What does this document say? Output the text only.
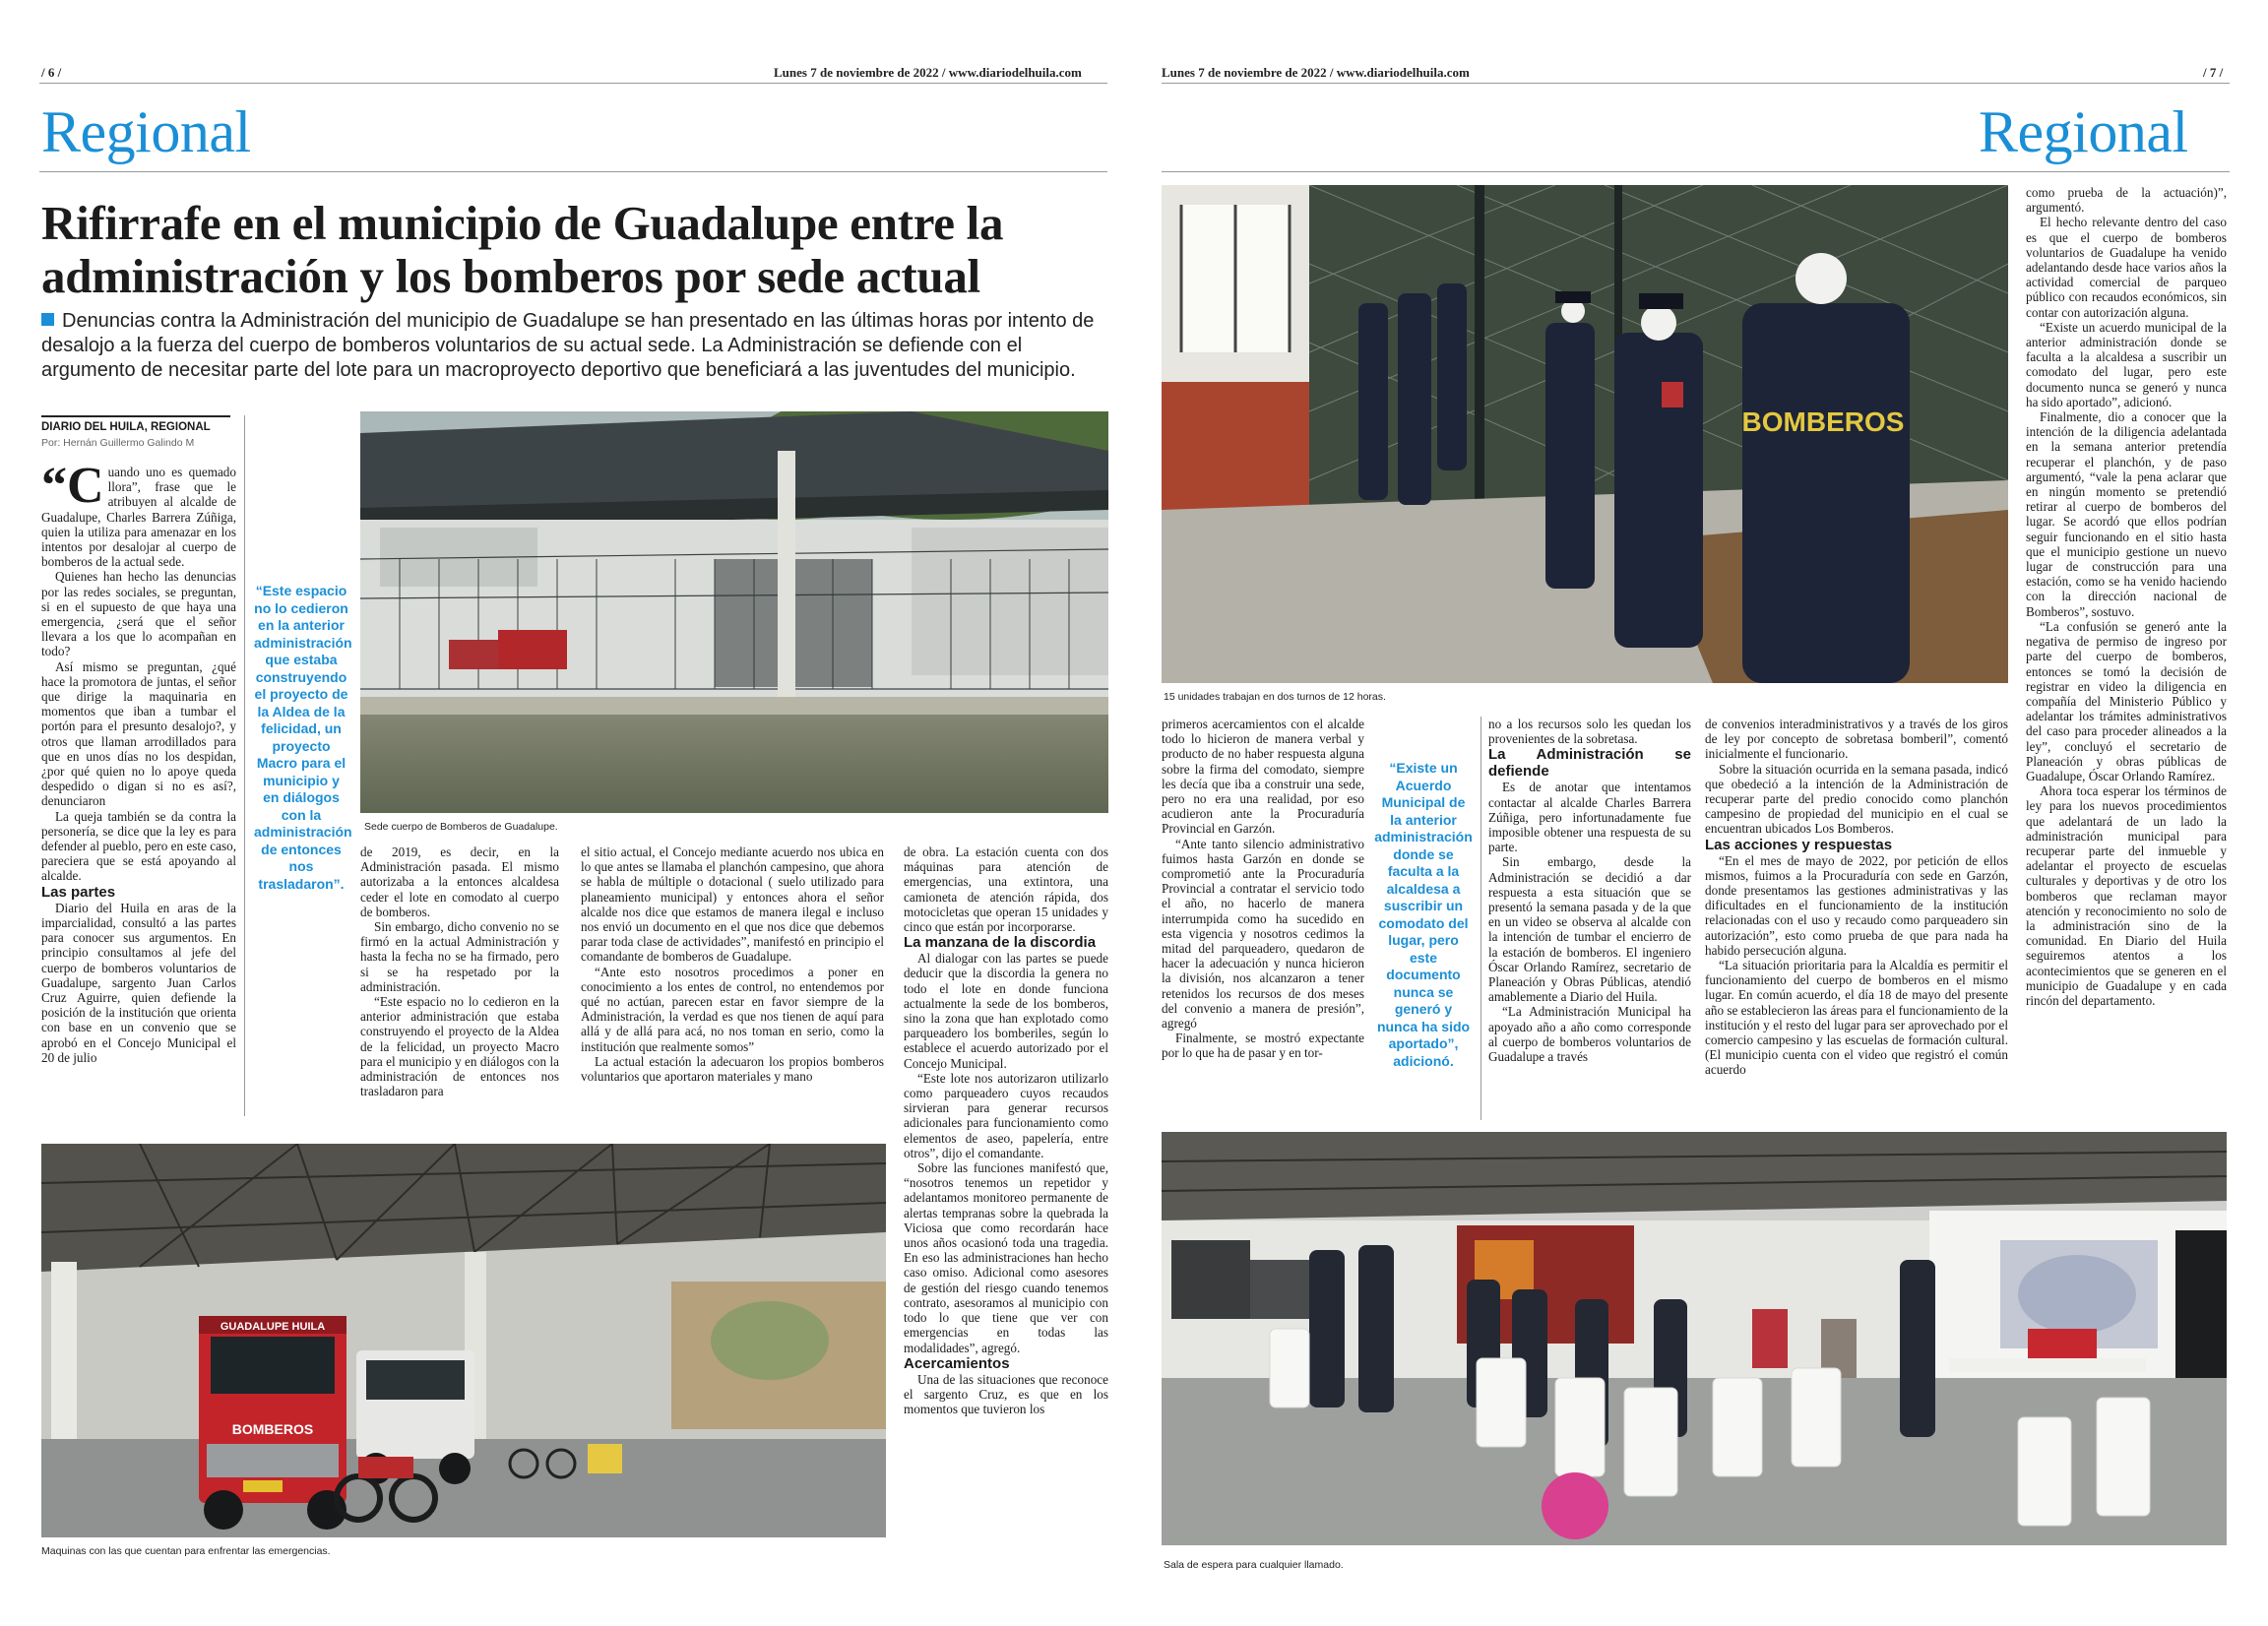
/ 6 /	Lunes 7 de noviembre de 2022 / www.diariodelhuila.com
Regional
Lunes 7 de noviembre de 2022 / www.diariodelhuila.com	/ 7 /
Regional
Rifirrafe en el municipio de Guadalupe entre la
administración y los bomberos por sede actual
Denuncias contra la Administración del municipio de Guadalupe se han presentado en las últimas horas por intento de desalojo a la fuerza del cuerpo de bomberos voluntarios de su actual sede. La Administración se defiende con el argumento de necesitar parte del lote para un macroproyecto deportivo que beneficiará a las juventudes del municipio.
DIARIO DEL HUILA, REGIONAL
Por: Hernán Guillermo Galindo M

“Cuando uno es quemado llora”, frase que le atribuyen al alcalde de Guadalupe, Charles Barrera Zúñiga, quien la utiliza para amenazar en los intentos por desalojar al cuerpo de bomberos de la actual sede.

Quienes han hecho las denuncias por las redes sociales, se preguntan, si en el supuesto de que haya una emergencia, ¿será que el señor llevara a los que lo acompañan en todo?

Así mismo se preguntan, ¿qué hace la promotora de juntas, el señor que dirige la maquinaria en momentos que iban a tumbar el portón para el presunto desalojo?, y otros que llaman arrodillados para que en unos días no los despidan, ¿por qué quien no lo apoye queda despedido o digan si no es así?, denunciaron

La queja también se da contra la personería, se dice que la ley es para defender al pueblo, pero en este caso, pareciera que se está apoyando al alcalde.

Las partes

Diario del Huila en aras de la imparcialidad, consultó a las partes para conocer sus argumentos. En principio consultamos al jefe del cuerpo de bomberos voluntarios de Guadalupe, sargento Juan Carlos Cruz Aguirre, quien defiende la posición de la institución que orienta con base en un convenio que se aprobó en el Concejo Municipal el 20 de julio

“Este espacio no lo cedieron en la anterior administración que estaba construyendo el proyecto de la Aldea de la felicidad, un proyecto Macro para el municipio y en diálogos con la administración de entonces nos trasladaron”.
Sede cuerpo de Bomberos de Guadalupe.

de 2019, es decir, en la Administración pasada. El mismo autorizaba a la entonces alcaldesa ceder el lote en comodato al cuerpo de bomberos.

Sin embargo, dicho convenio no se firmó en la actual Administración y hasta la fecha no se ha firmado, pero si se ha respetado por la administración.

“Este espacio no lo cedieron en la anterior administración que estaba construyendo el proyecto de la Aldea de la felicidad, un proyecto Macro para el municipio y en diálogos con la administración de entonces nos trasladaron para

el sitio actual, el Concejo mediante acuerdo nos ubica en lo que antes se llamaba el planchón campesino, que ahora se habla de múltiple o dotacional ( suelo utilizado para planeamiento municipal) y entonces ahora el señor alcalde nos dice que estamos de manera ilegal e incluso nos envió un documento en el que nos dice que debemos parar toda clase de actividades”, manifestó en principio el comandante de bomberos de Guadalupe.

“Ante esto nosotros procedimos a poner en conocimiento a los entes de control, no entendemos por qué no actúan, parecen estar en favor siempre de la Administración, la verdad es que nos tienen de aquí para allá y de allá para acá, no nos toman en serio, como la institución que realmente somos”

La actual estación la adecuaron los propios bomberos voluntarios que aportaron materiales y mano

de obra. La estación cuenta con dos máquinas para atención de emergencias, una extintora, una camioneta de atención rápida, dos motocicletas que operan 15 unidades y cinco que están por incorporarse.

La manzana de la discordia

Al dialogar con las partes se puede deducir que la discordia la genera no todo el lote en donde funciona actualmente la sede de los bomberos, sino la zona que han explotado como parqueadero los bomberiles, según lo establece el acuerdo autorizado por el Concejo Municipal.

“Este lote nos autorizaron utilizarlo como parqueadero cuyos recaudos sirvieran para generar recursos adicionales para funcionamiento como elementos de aseo, papelería, entre otros”, dijo el comandante.

Sobre las funciones manifestó que, “nosotros tenemos un repetidor y adelantamos monitoreo permanente de alertas tempranas sobre la quebrada la Viciosa que como recordarán hace unos años ocasionó toda una tragedia. En eso las administraciones han hecho caso omiso. Adicional como asesores de gestión del riesgo cuando tenemos contrato, asesoramos al municipio con todo lo que tiene que ver con emergencias en todas las modalidades”, agregó.

Acercamientos

Una de las situaciones que reconoce el sargento Cruz, es que en los momentos que tuvieron los

GUADALUPE HUILA
BOMBEROS
Maquinas con las que cuentan para enfrentar las emergencias.
BOMBEROS
15 unidades trabajan en dos turnos de 12 horas.

como prueba de la actuación)”, argumentó.

El hecho relevante dentro del caso es que el cuerpo de bomberos voluntarios de Guadalupe ha venido adelantando desde hace varios años la actividad comercial de parqueo público con recaudos económicos, sin contar con autorización alguna.

“Existe un acuerdo municipal de la anterior administración donde se faculta a la alcaldesa a suscribir un comodato del lugar, pero este documento nunca se generó y nunca ha sido aportado”, adicionó.

Finalmente, dio a conocer que la intención de la diligencia adelantada en la semana anterior pretendía recuperar el planchón, y de paso argumentó, “vale la pena aclarar que en ningún momento se pretendió retirar al cuerpo de bomberos del lugar. Se acordó que ellos podrían seguir funcionando en el sitio hasta que el municipio gestione un nuevo lugar de construcción para una estación, como se ha venido haciendo con la dirección nacional de Bomberos”, sostuvo.

“La confusión se generó ante la negativa de permiso de ingreso por parte del cuerpo de bomberos, entonces se tomó la decisión de registrar en video la diligencia en compañía del Ministerio Público y adelantar los trámites administrativos del caso para proceder alineados a la ley”, concluyó el secretario de Planeación y obras públicas de Guadalupe, Óscar Orlando Ramírez.

Ahora toca esperar los términos de ley para los nuevos procedimientos que adelantará de un lado la administración municipal para recuperar parte del inmueble y adelantar el proyecto de escuelas culturales y deportivas y de otro los bomberos que reclaman mayor atención y reconocimiento no solo de la administración sino de la comunidad. En Diario del Huila seguiremos atentos a los acontecimientos que se generen en el municipio de Guadalupe y en cada rincón del departamento.

primeros acercamientos con el alcalde todo lo hicieron de manera verbal y producto de no haber respuesta alguna sobre la firma del comodato, siempre les decía que iba a construir una sede, pero no era una realidad, por eso acudieron ante la Procuraduría Provincial en Garzón.

“Ante tanto silencio administrativo fuimos hasta Garzón en donde se comprometió ante la Procuraduría Provincial a contratar el servicio todo el año, no hacerlo de manera interrumpida como ha sucedido en esta vigencia y nosotros cedimos la mitad del parqueadero, quedaron de hacer la adecuación y nunca hicieron la división, nos alcanzaron a tener retenidos los recursos de dos meses del convenio a manera de presión”, agregó

Finalmente, se mostró expectante por lo que ha de pasar y en tor-

“Existe un Acuerdo Municipal de la anterior administración donde se faculta a la alcaldesa a suscribir un comodato del lugar, pero este documento nunca se generó y nunca ha sido aportado”, adicionó.

no a los recursos solo les quedan los provenientes de la sobretasa.

La Administración se defiende

Es de anotar que intentamos contactar al alcalde Charles Barrera Zúñiga, pero infortunadamente fue imposible obtener una respuesta de su parte.

Sin embargo, desde la Administración se decidió a dar respuesta a esta situación que se presentó la semana pasada y de la que en un video se observa al alcalde con la intención de tumbar el encierro de la estación de bomberos. El ingeniero Óscar Orlando Ramírez, secretario de Planeación y Obras Públicas, atendió amablemente a Diario del Huila.

“La Administración Municipal ha apoyado año a año como corresponde al cuerpo de bomberos voluntarios de Guadalupe a través

de convenios interadministrativos y a través de los giros de ley por concepto de sobretasa bomberil”, comentó inicialmente el funcionario.

Sobre la situación ocurrida en la semana pasada, indicó que obedeció a la intención de la Administración de recuperar parte del predio conocido como planchón campesino de propiedad del municipio en el cual se encuentran ubicados Los Bomberos.

Las acciones y respuestas

“En el mes de mayo de 2022, por petición de ellos mismos, fuimos a la Procuraduría con sede en Garzón, donde presentamos las gestiones administrativas y las dificultades en el funcionamiento de la institución relacionadas con el uso y recaudo como parqueadero sin autorización”, esto como prueba de que para nada ha habido persecución alguna.

“La situación prioritaria para la Alcaldía es permitir el funcionamiento del cuerpo de bomberos en el mismo lugar. En común acuerdo, el día 18 de mayo del presente año se establecieron las áreas para el funcionamiento de la institución y el resto del lugar para ser aprovechado por el comercio campesino y las escuelas de formación cultural. (El municipio cuenta con el video que registró el común acuerdo

Sala de espera para cualquier llamado.
